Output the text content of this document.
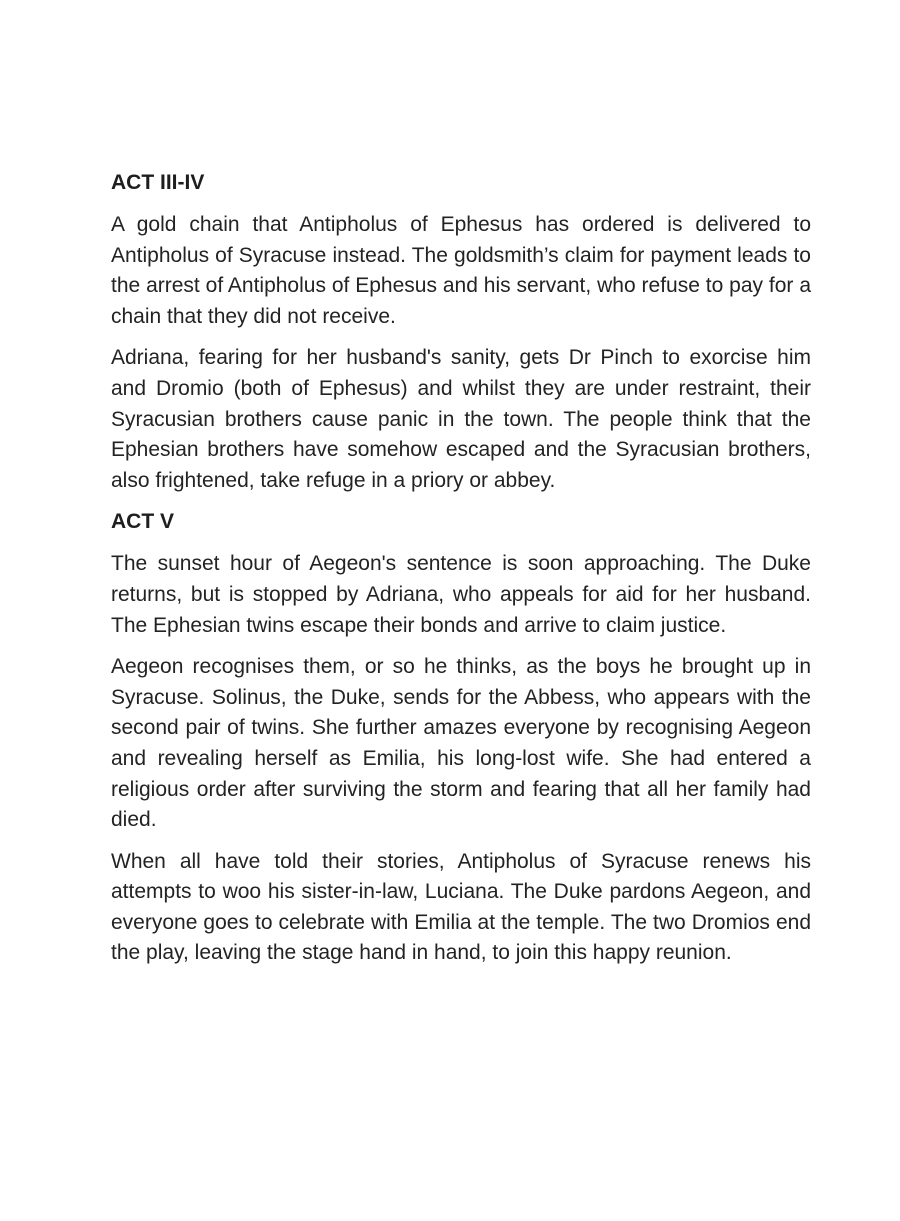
ACT III-IV

A gold chain that Antipholus of Ephesus has ordered is delivered to Antipholus of Syracuse instead. The goldsmith’s claim for payment leads to the arrest of Antipholus of Ephesus and his servant, who refuse to pay for a chain that they did not receive.

Adriana, fearing for her husband's sanity, gets Dr Pinch to exorcise him and Dromio (both of Ephesus) and whilst they are under restraint, their Syracusian brothers cause panic in the town. The people think that the Ephesian brothers have somehow escaped and the Syracusian brothers, also frightened, take refuge in a priory or abbey.

ACT V

The sunset hour of Aegeon's sentence is soon approaching. The Duke returns, but is stopped by Adriana, who appeals for aid for her husband. The Ephesian twins escape their bonds and arrive to claim justice.

Aegeon recognises them, or so he thinks, as the boys he brought up in Syracuse. Solinus, the Duke, sends for the Abbess, who appears with the second pair of twins. She further amazes everyone by recognising Aegeon and revealing herself as Emilia, his long-lost wife. She had entered a religious order after surviving the storm and fearing that all her family had died.

When all have told their stories, Antipholus of Syracuse renews his attempts to woo his sister-in-law, Luciana. The Duke pardons Aegeon, and everyone goes to celebrate with Emilia at the temple. The two Dromios end the play, leaving the stage hand in hand, to join this happy reunion.
